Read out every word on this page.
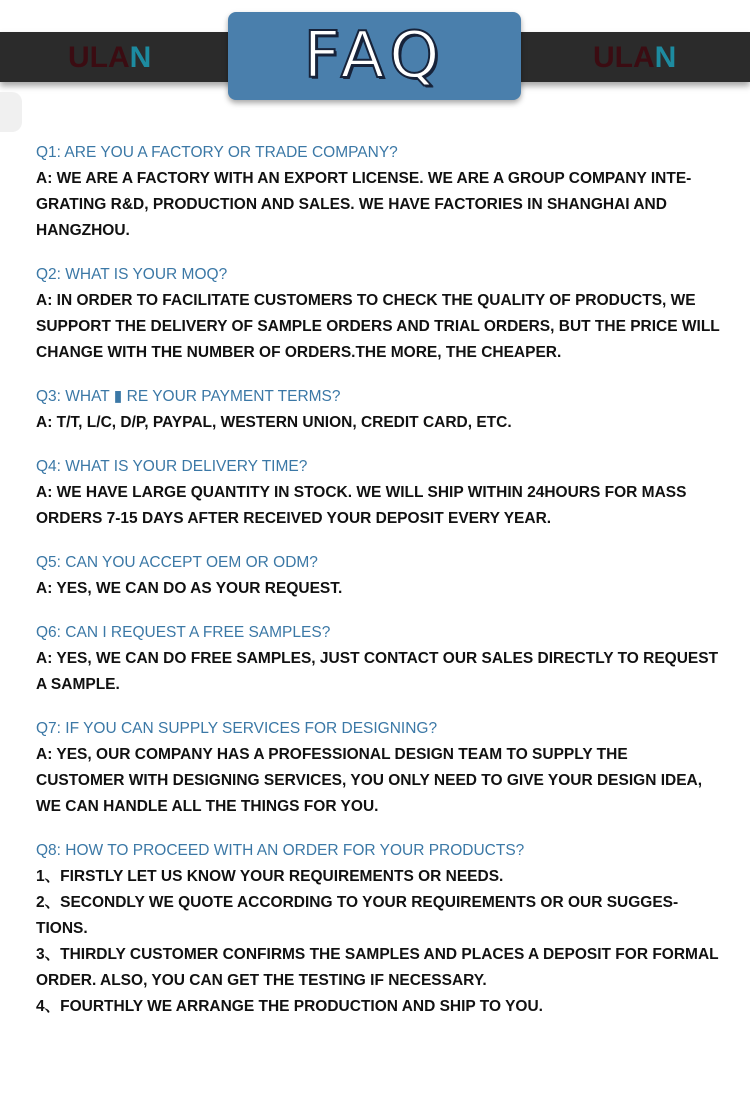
ULAN	ULAN
FAQ
Q1: ARE YOU A FACTORY OR TRADE COMPANY?
A: WE ARE A FACTORY WITH AN EXPORT LICENSE. WE ARE A GROUP COMPANY INTE-
GRATING R&D, PRODUCTION AND SALES. WE HAVE FACTORIES IN SHANGHAI AND
HANGZHOU.
Q2: WHAT IS YOUR MOQ?
A: IN ORDER TO FACILITATE CUSTOMERS TO CHECK THE QUALITY OF PRODUCTS, WE
SUPPORT THE DELIVERY OF SAMPLE ORDERS AND TRIAL ORDERS, BUT THE PRICE WILL
CHANGE WITH THE NUMBER OF ORDERS.THE MORE, THE CHEAPER.
Q3: WHAT ▮ RE YOUR PAYMENT TERMS?
A: T/T, L/C, D/P, PAYPAL, WESTERN UNION, CREDIT CARD, ETC.
Q4: WHAT IS YOUR DELIVERY TIME?
A: WE HAVE LARGE QUANTITY IN STOCK. WE WILL SHIP WITHIN 24HOURS FOR MASS
ORDERS 7-15 DAYS AFTER RECEIVED YOUR DEPOSIT EVERY YEAR.
Q5: CAN YOU ACCEPT OEM OR ODM?
A: YES, WE CAN DO AS YOUR REQUEST.
Q6: CAN I REQUEST A FREE SAMPLES?
A: YES, WE CAN DO FREE SAMPLES, JUST CONTACT OUR SALES DIRECTLY TO REQUEST
A SAMPLE.
Q7: IF YOU CAN SUPPLY SERVICES FOR DESIGNING?
A: YES, OUR COMPANY HAS A PROFESSIONAL DESIGN TEAM TO SUPPLY THE
CUSTOMER WITH DESIGNING SERVICES, YOU ONLY NEED TO GIVE YOUR DESIGN IDEA,
WE CAN HANDLE ALL THE THINGS FOR YOU.
Q8: HOW TO PROCEED WITH AN ORDER FOR YOUR PRODUCTS?
1、FIRSTLY LET US KNOW YOUR REQUIREMENTS OR NEEDS.
2、SECONDLY WE QUOTE ACCORDING TO YOUR REQUIREMENTS OR OUR SUGGES-
TIONS.
3、THIRDLY CUSTOMER CONFIRMS THE SAMPLES AND PLACES A DEPOSIT FOR FORMAL
ORDER. ALSO, YOU CAN GET THE TESTING IF NECESSARY.
4、FOURTHLY WE ARRANGE THE PRODUCTION AND SHIP TO YOU.
